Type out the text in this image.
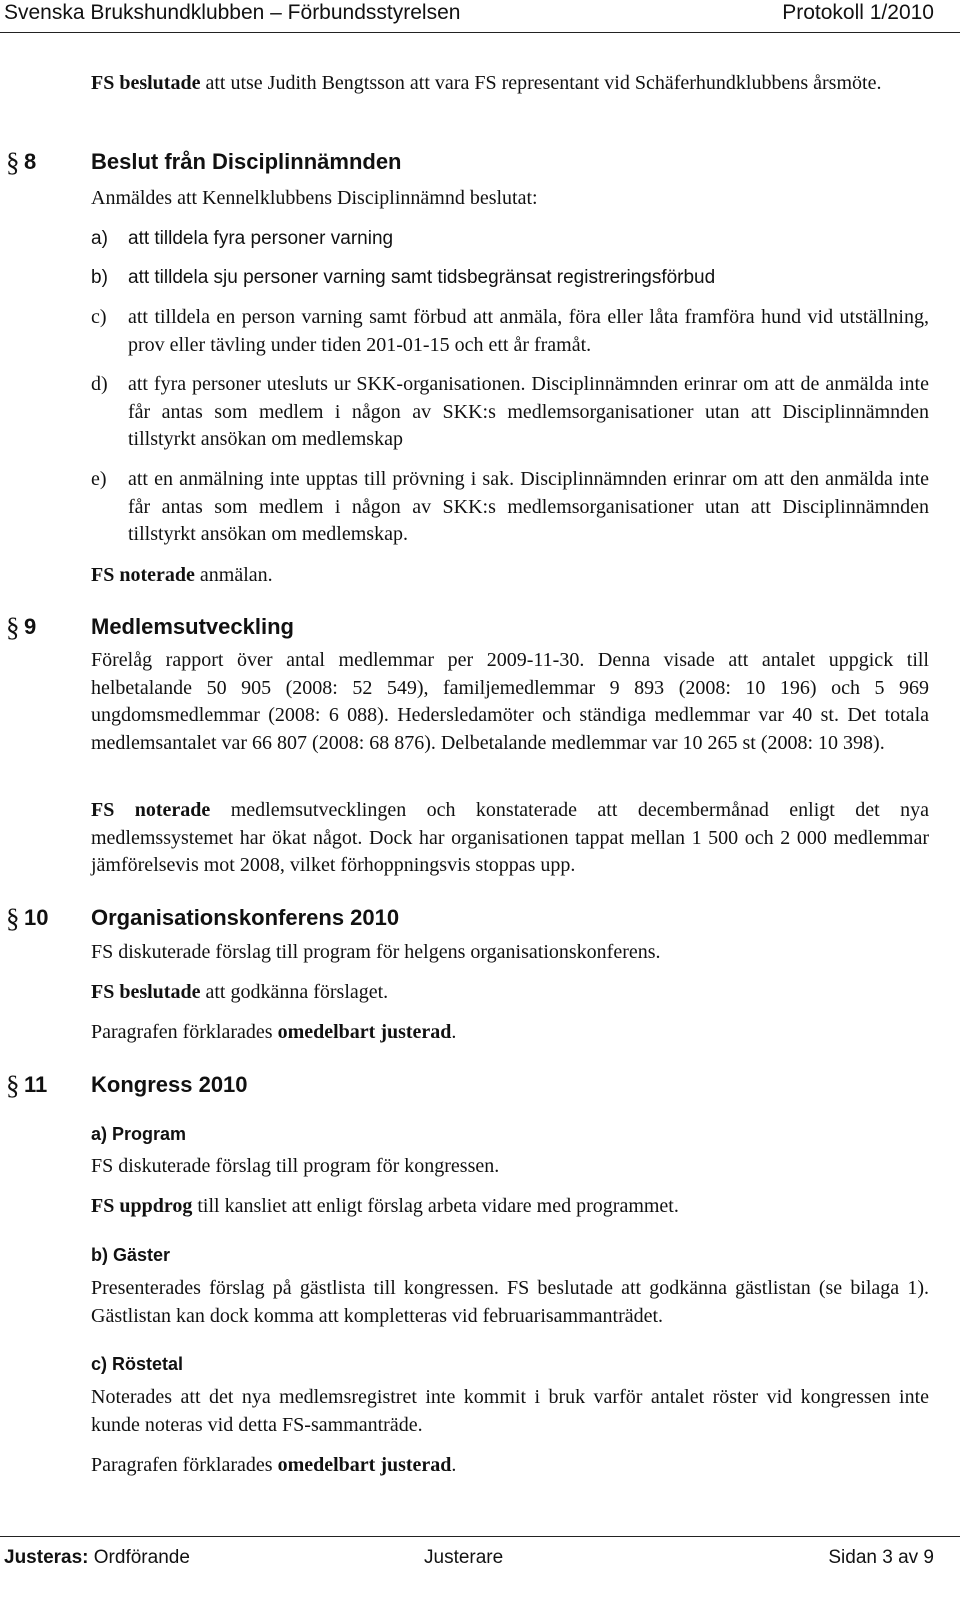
Svenska Brukshundklubben – Förbundsstyrelsen	Protokoll 1/2010

FS beslutade att utse Judith Bengtsson att vara FS representant vid Schäferhundklubbens årsmöte.

§ 8 Beslut från Disciplinnämnden

Anmäldes att Kennelklubbens Disciplinnämnd beslutat:

a) att tilldela fyra personer varning

b) att tilldela sju personer varning samt tidsbegränsat registreringsförbud

c) att tilldela en person varning samt förbud att anmäla, föra eller låta framföra hund vid utställning, prov eller tävling under tiden 201-01-15 och ett år framåt.

d) att fyra personer utesluts ur SKK-organisationen. Disciplinnämnden erinrar om att de anmälda inte får antas som medlem i någon av SKK:s medlemsorganisationer utan att Disciplinnämnden tillstyrkt ansökan om medlemskap

e) att en anmälning inte upptas till prövning i sak. Disciplinnämnden erinrar om att den anmälda inte får antas som medlem i någon av SKK:s medlemsorganisationer utan att Disciplinnämnden tillstyrkt ansökan om medlemskap.

FS noterade anmälan.

§ 9 Medlemsutveckling

Förelåg rapport över antal medlemmar per 2009-11-30. Denna visade att antalet uppgick till helbetalande 50 905 (2008: 52 549), familjemedlemmar 9 893 (2008: 10 196) och 5 969 ungdomsmedlemmar (2008: 6 088). Hedersledamöter och ständiga medlemmar var 40 st. Det totala medlemsantalet var 66 807 (2008: 68 876). Delbetalande medlemmar var 10 265 st (2008: 10 398).

FS noterade medlemsutvecklingen och konstaterade att decembermånad enligt det nya medlemssystemet har ökat något. Dock har organisationen tappat mellan 1 500 och 2 000 medlemmar jämförelsevis mot 2008, vilket förhoppningsvis stoppas upp.

§ 10 Organisationskonferens 2010

FS diskuterade förslag till program för helgens organisationskonferens.

FS beslutade att godkänna förslaget.

Paragrafen förklarades omedelbart justerad.

§ 11 Kongress 2010
a) Program

FS diskuterade förslag till program för kongressen.

FS uppdrog till kansliet att enligt förslag arbeta vidare med programmet.

b) Gäster

Presenterades förslag på gästlista till kongressen. FS beslutade att godkänna gästlistan (se bilaga 1). Gästlistan kan dock komma att kompletteras vid februarisammanträdet.

c) Röstetal

Noterades att det nya medlemsregistret inte kommit i bruk varför antalet röster vid kongressen inte kunde noteras vid detta FS-sammanträde.

Paragrafen förklarades omedelbart justerad.

Justeras: Ordförande	Justerare	Sidan 3 av 9
